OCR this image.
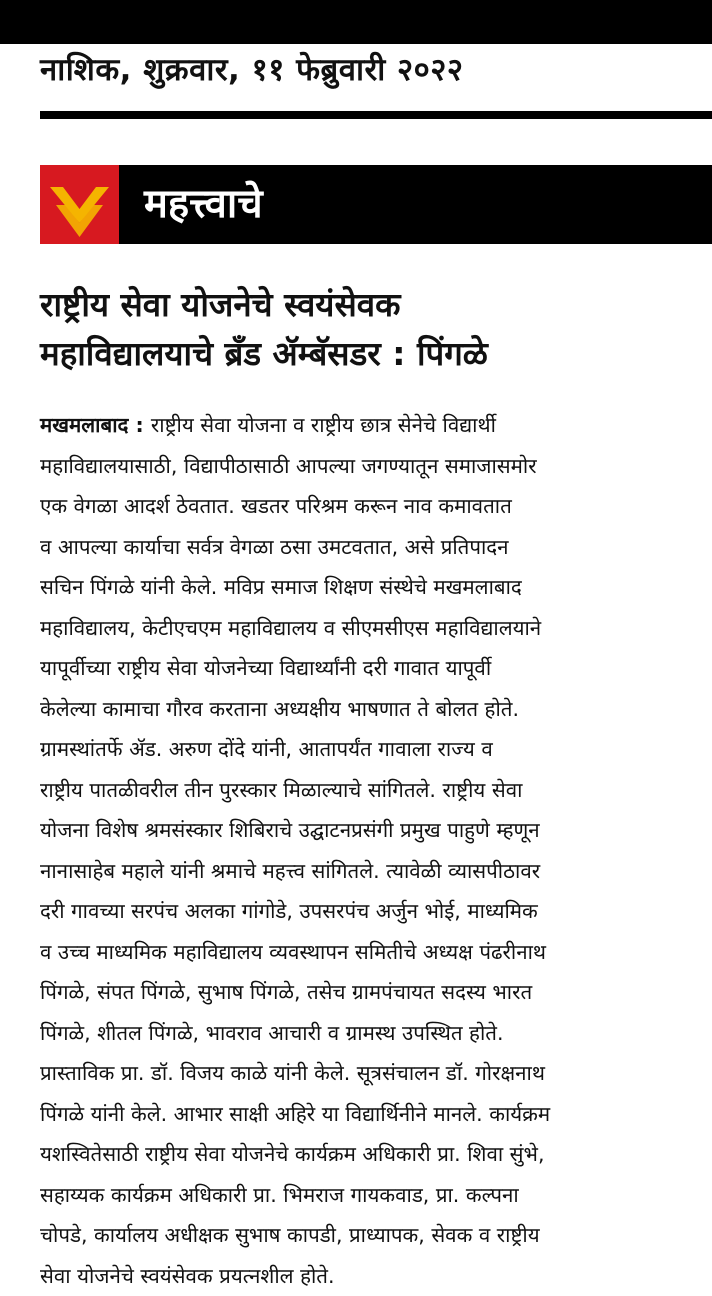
नाशिक, शुक्रवार, ११ फेब्रुवारी २०२२
महत्त्वाचे
राष्ट्रीय सेवा योजनेचे स्वयंसेवक
महाविद्यालयाचे ब्रँड ॲम्बॅसडर : पिंगळे
मखमलाबाद : राष्ट्रीय सेवा योजना व राष्ट्रीय छात्र सेनेचे विद्यार्थी
महाविद्यालयासाठी, विद्यापीठासाठी आपल्या जगण्यातून समाजासमोर
एक वेगळा आदर्श ठेवतात. खडतर परिश्रम करून नाव कमावतात
व आपल्या कार्याचा सर्वत्र वेगळा ठसा उमटवतात, असे प्रतिपादन
सचिन पिंगळे यांनी केले. मविप्र समाज शिक्षण संस्थेचे मखमलाबाद
महाविद्यालय, केटीएचएम महाविद्यालय व सीएमसीएस महाविद्यालयाने
यापूर्वीच्या राष्ट्रीय सेवा योजनेच्या विद्यार्थ्यांनी दरी गावात यापूर्वी
केलेल्या कामाचा गौरव करताना अध्यक्षीय भाषणात ते बोलत होते.
ग्रामस्थांतर्फे ॲड. अरुण दोंदे यांनी, आतापर्यंत गावाला राज्य व
राष्ट्रीय पातळीवरील तीन पुरस्कार मिळाल्याचे सांगितले. राष्ट्रीय सेवा
योजना विशेष श्रमसंस्कार शिबिराचे उद्घाटनप्रसंगी प्रमुख पाहुणे म्हणून
नानासाहेब महाले यांनी श्रमाचे महत्त्व सांगितले. त्यावेळी व्यासपीठावर
दरी गावच्या सरपंच अलका गांगोडे, उपसरपंच अर्जुन भोई, माध्यमिक
व उच्च माध्यमिक महाविद्यालय व्यवस्थापन समितीचे अध्यक्ष पंढरीनाथ
पिंगळे, संपत पिंगळे, सुभाष पिंगळे, तसेच ग्रामपंचायत सदस्य भारत
पिंगळे, शीतल पिंगळे, भावराव आचारी व ग्रामस्थ उपस्थित होते.
प्रास्ताविक प्रा. डॉ. विजय काळे यांनी केले. सूत्रसंचालन डॉ. गोरक्षनाथ
पिंगळे यांनी केले. आभार साक्षी अहिरे या विद्यार्थिनीने मानले. कार्यक्रम
यशस्वितेसाठी राष्ट्रीय सेवा योजनेचे कार्यक्रम अधिकारी प्रा. शिवा सुंभे,
सहाय्यक कार्यक्रम अधिकारी प्रा. भिमराज गायकवाड, प्रा. कल्पना
चोपडे, कार्यालय अधीक्षक सुभाष कापडी, प्राध्यापक, सेवक व राष्ट्रीय
सेवा योजनेचे स्वयंसेवक प्रयत्नशील होते.
